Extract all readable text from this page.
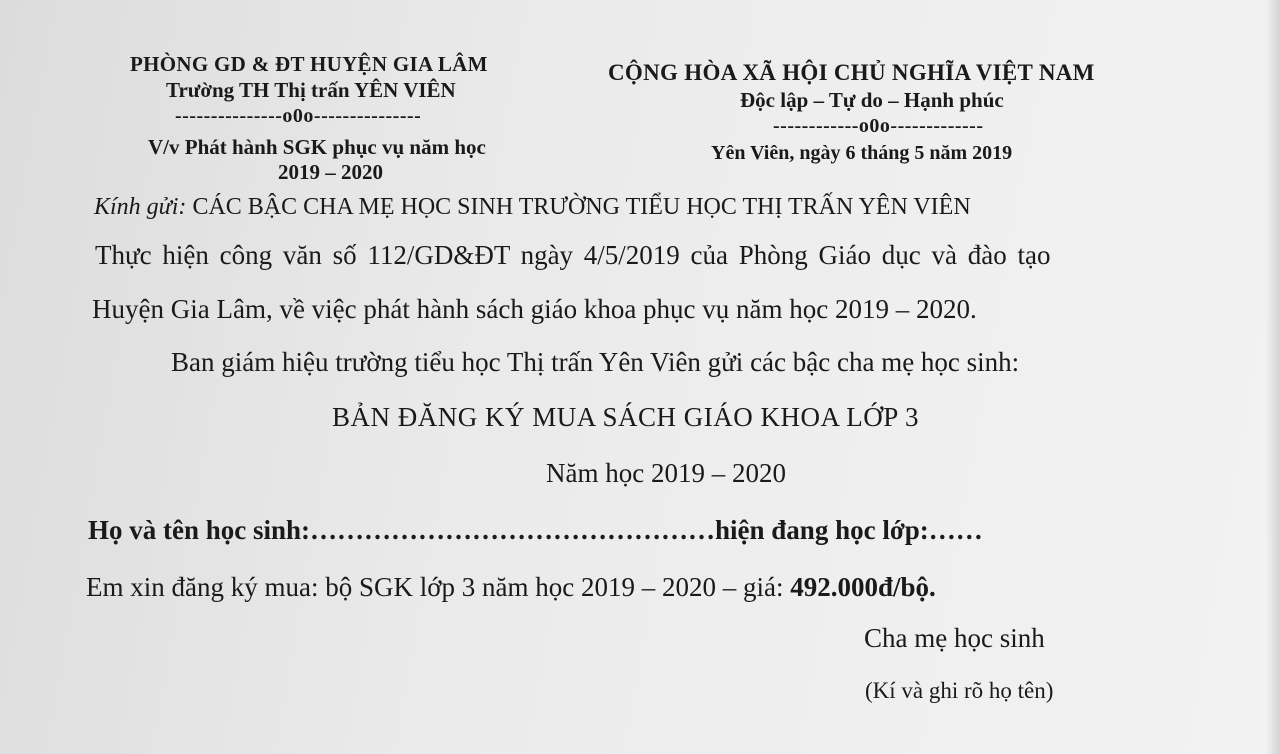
PHÒNG GD & ĐT HUYỆN GIA LÂM
Trường TH Thị trấn YÊN VIÊN
---------------o0o---------------
V/v Phát hành SGK phục vụ năm học
2019 – 2020
CỘNG HÒA XÃ HỘI CHỦ NGHĨA VIỆT NAM
Độc lập – Tự do – Hạnh phúc
------------o0o-------------
Yên Viên, ngày 6 tháng 5 năm 2019
Kính gửi: CÁC BẬC CHA MẸ HỌC SINH TRƯỜNG TIỂU HỌC THỊ TRẤN YÊN VIÊN
Thực hiện công văn số 112/GD&ĐT ngày 4/5/2019 của Phòng Giáo dục và đào tạo
Huyện Gia Lâm, về việc phát hành sách giáo khoa phục vụ năm học 2019 – 2020.
Ban giám hiệu trường tiểu học Thị trấn Yên Viên gửi các bậc cha mẹ học sinh:
BẢN ĐĂNG KÝ MUA SÁCH GIÁO KHOA LỚP 3
Năm học 2019 – 2020
Họ và tên học sinh:………………………………………hiện đang học lớp:……
Em xin đăng ký mua: bộ SGK lớp 3 năm học 2019 – 2020 – giá: 492.000đ/bộ.
Cha mẹ học sinh
(Kí và ghi rõ họ tên)
